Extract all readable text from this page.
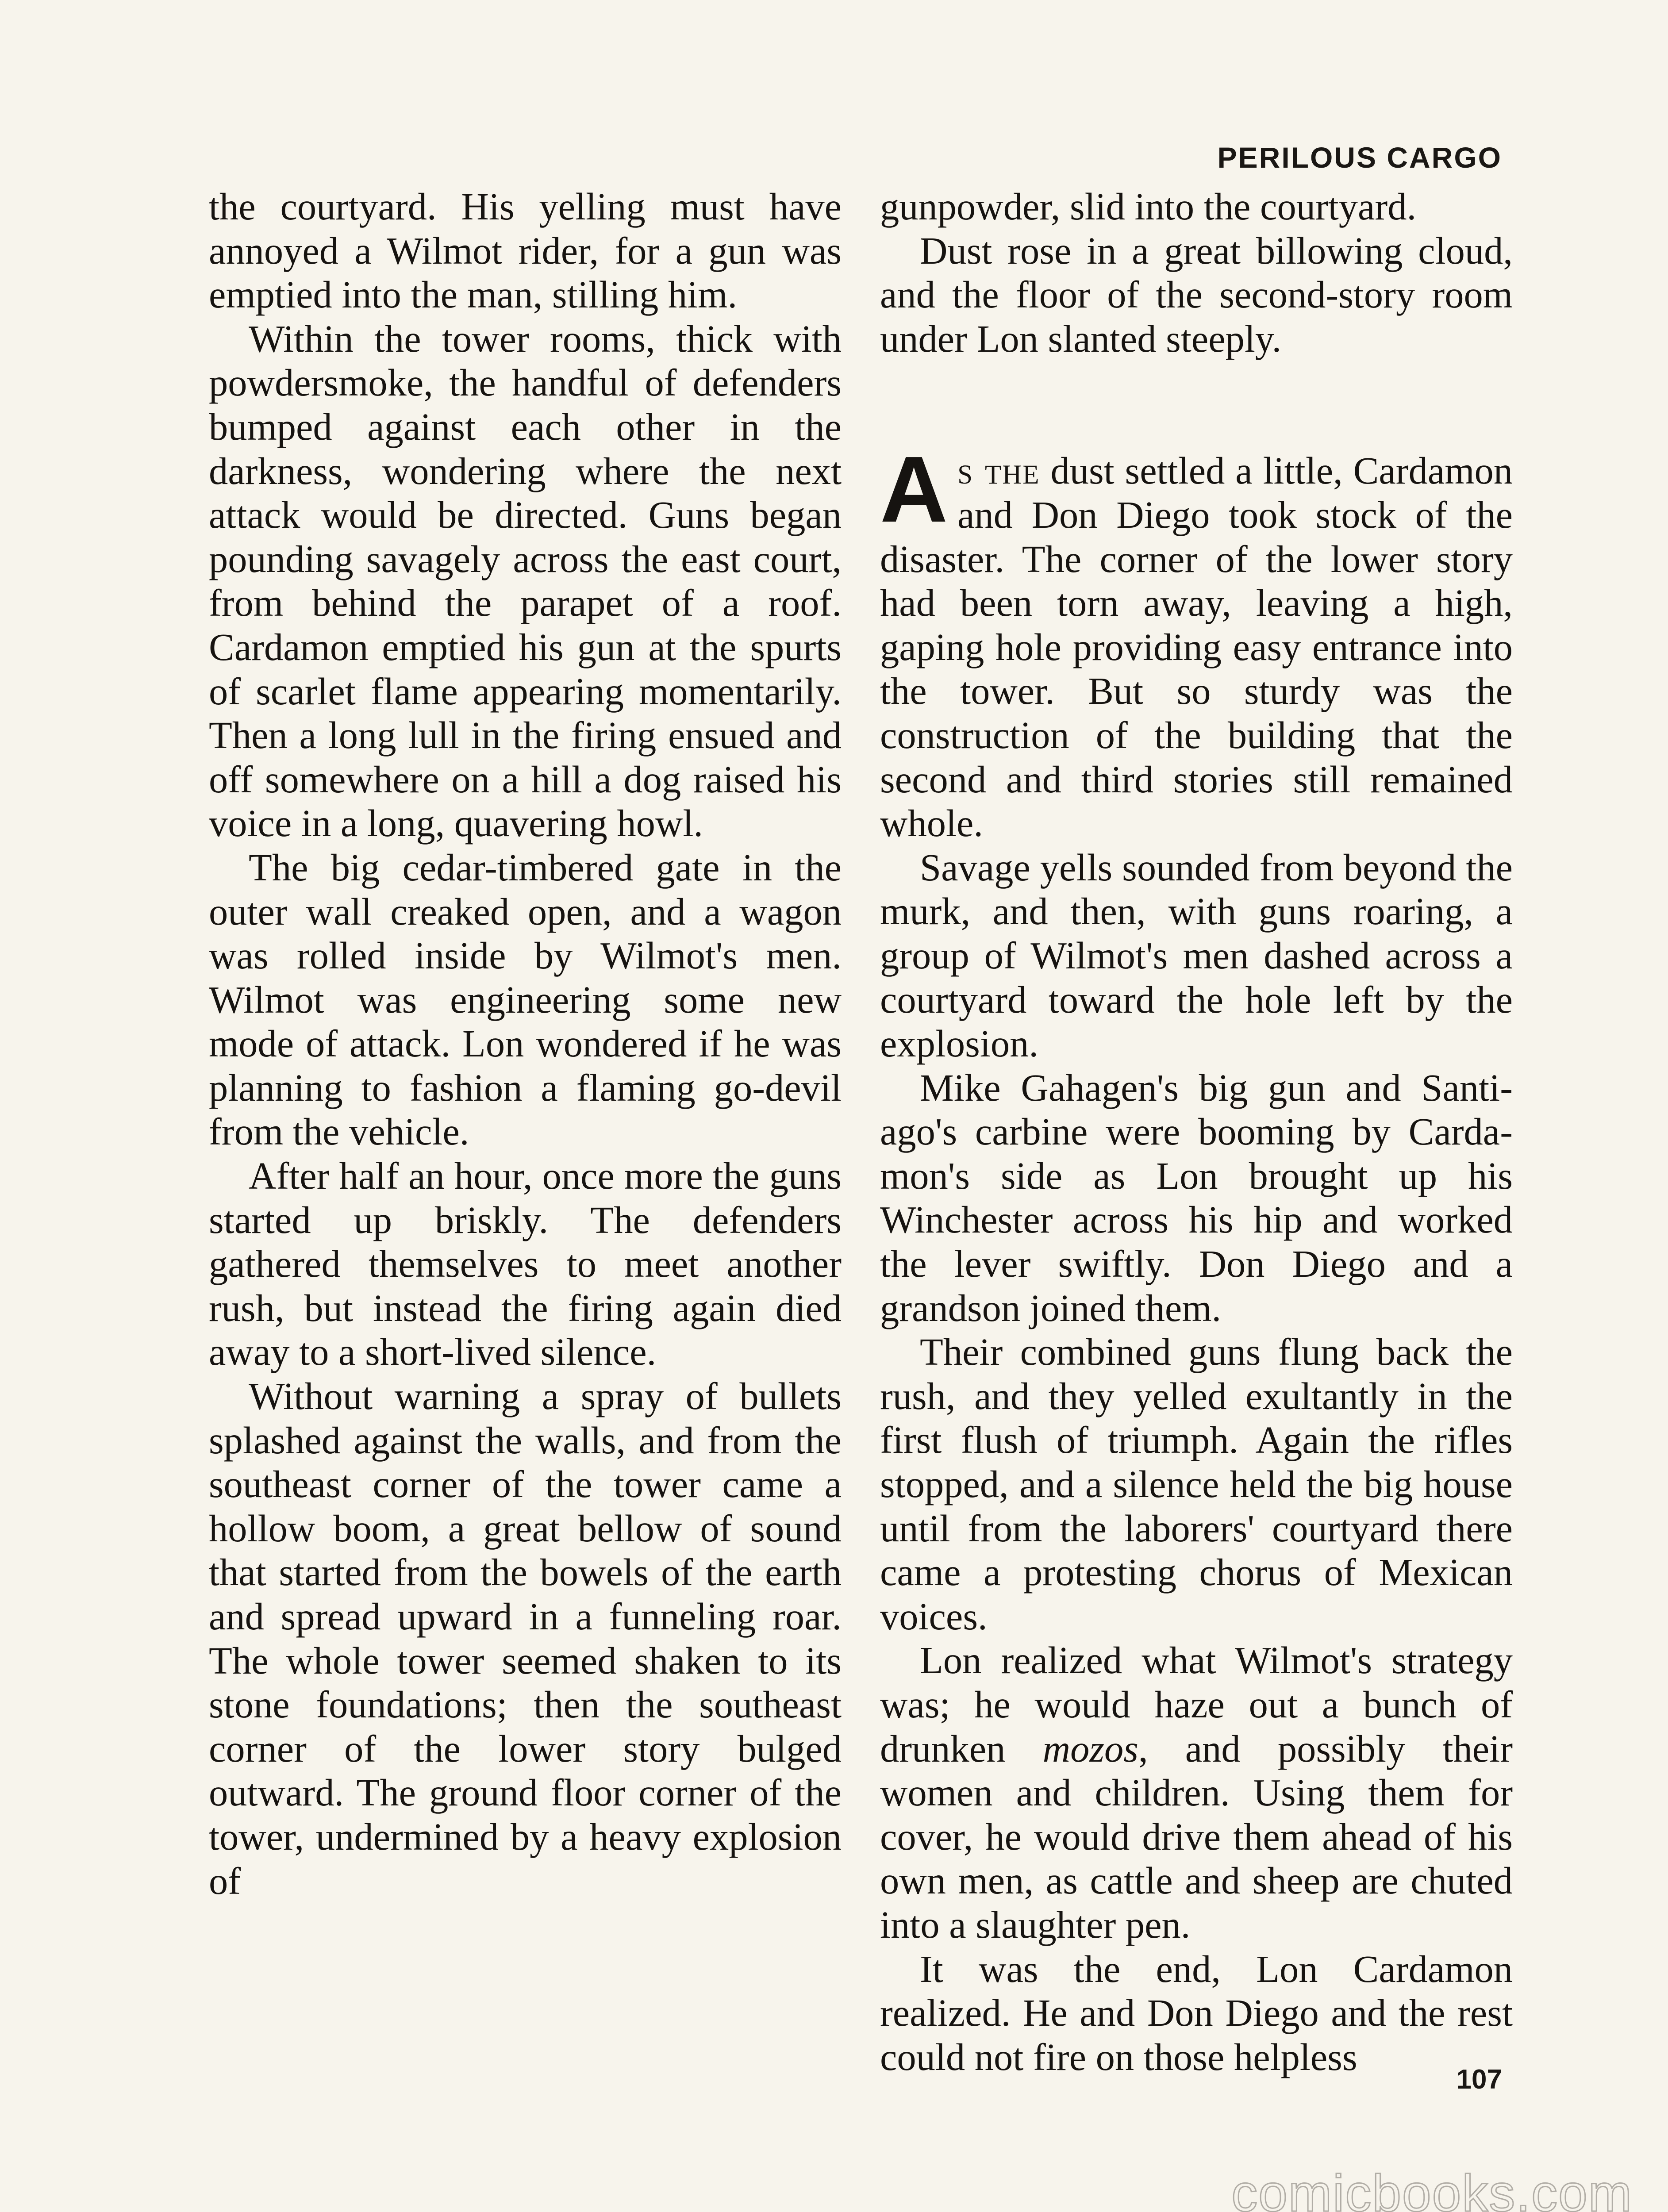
PERILOUS CARGO

the courtyard. His yelling must have annoyed a Wilmot rider, for a gun was emptied into the man, stilling him.

Within the tower rooms, thick with powdersmoke, the handful of defenders bumped against each other in the darkness, wondering where the next attack would be directed. Guns began pounding savagely across the east court, from behind the parapet of a roof. Cardamon emptied his gun at the spurts of scarlet flame appearing momentarily. Then a long lull in the firing ensued and off somewhere on a hill a dog raised his voice in a long, quavering howl.

The big cedar-timbered gate in the outer wall creaked open, and a wagon was rolled inside by Wilmot's men. Wilmot was engineering some new mode of attack. Lon wondered if he was planning to fashion a flaming go-devil from the vehicle.

After half an hour, once more the guns started up briskly. The defenders gathered themselves to meet another rush, but instead the firing again died away to a short-lived silence.

Without warning a spray of bullets splashed against the walls, and from the southeast corner of the tower came a hollow boom, a great bellow of sound that started from the bowels of the earth and spread upward in a funneling roar. The whole tower seemed shaken to its stone foundations; then the southeast corner of the lower story bulged outward. The ground floor corner of the tower, undermined by a heavy explosion of

gunpowder, slid into the courtyard.

Dust rose in a great billowing cloud, and the floor of the second-story room under Lon slanted steeply.

As the dust settled a little, Cardamon and Don Diego took stock of the disaster. The corner of the lower story had been torn away, leaving a high, gaping hole providing easy entrance into the tower. But so sturdy was the construction of the building that the second and third stories still remained whole.

Savage yells sounded from beyond the murk, and then, with guns roaring, a group of Wilmot's men dashed across a courtyard toward the hole left by the explosion.

Mike Gahagen's big gun and Santiago's carbine were booming by Cardamon's side as Lon brought up his Winchester across his hip and worked the lever swiftly. Don Diego and a grandson joined them.

Their combined guns flung back the rush, and they yelled exultantly in the first flush of triumph. Again the rifles stopped, and a silence held the big house until from the laborers' courtyard there came a protesting chorus of Mexican voices.

Lon realized what Wilmot's strategy was; he would haze out a bunch of drunken mozos, and possibly their women and children. Using them for cover, he would drive them ahead of his own men, as cattle and sheep are chuted into a slaughter pen.

It was the end, Lon Cardamon realized. He and Don Diego and the rest could not fire on those helpless

107
comicbooks.com
